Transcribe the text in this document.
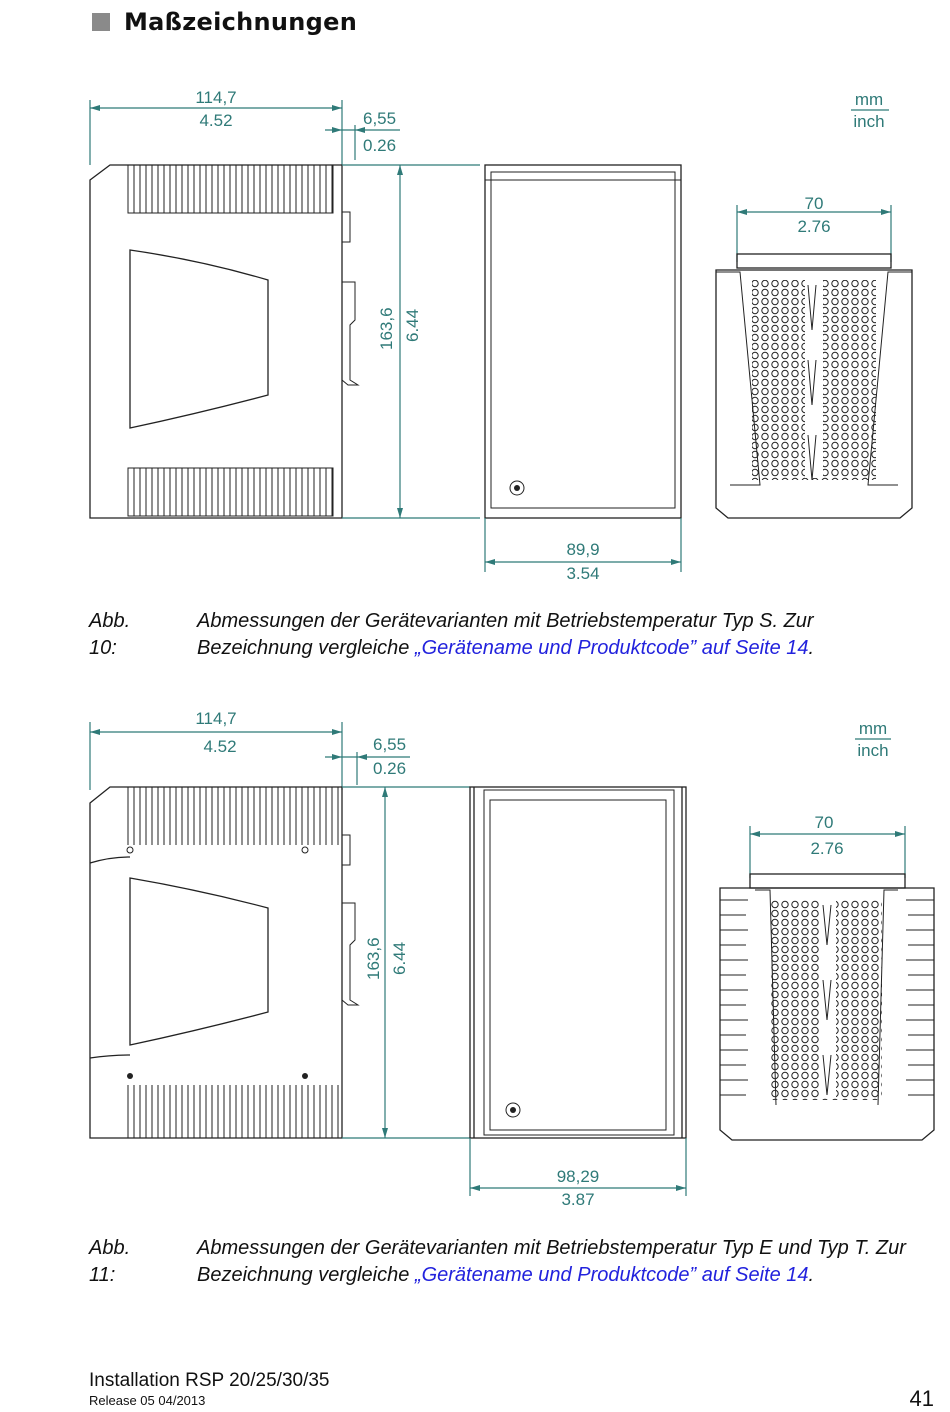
Maßzeichnungen
114,7
4.52	6,55
0.26
163,6 6.44
89,9
3.54
mm
inch
70
2.76
Abb. 10:
Abmessungen der Gerätevarianten mit Betriebstemperatur Typ S. Zur Bezeichnung vergleiche „Gerätename und Produktcode” auf Seite 14.
114,7
4.52	6,55
0.26
163,6 6.44
98,29
3.87
mm
inch
70
2.76
Abb. 11:
Abmessungen der Gerätevarianten mit Betriebstemperatur Typ E und Typ T. Zur Bezeichnung vergleiche „Gerätename und Produktcode” auf Seite 14.
Installation RSP 20/25/30/35
Release 05 04/2013	41
